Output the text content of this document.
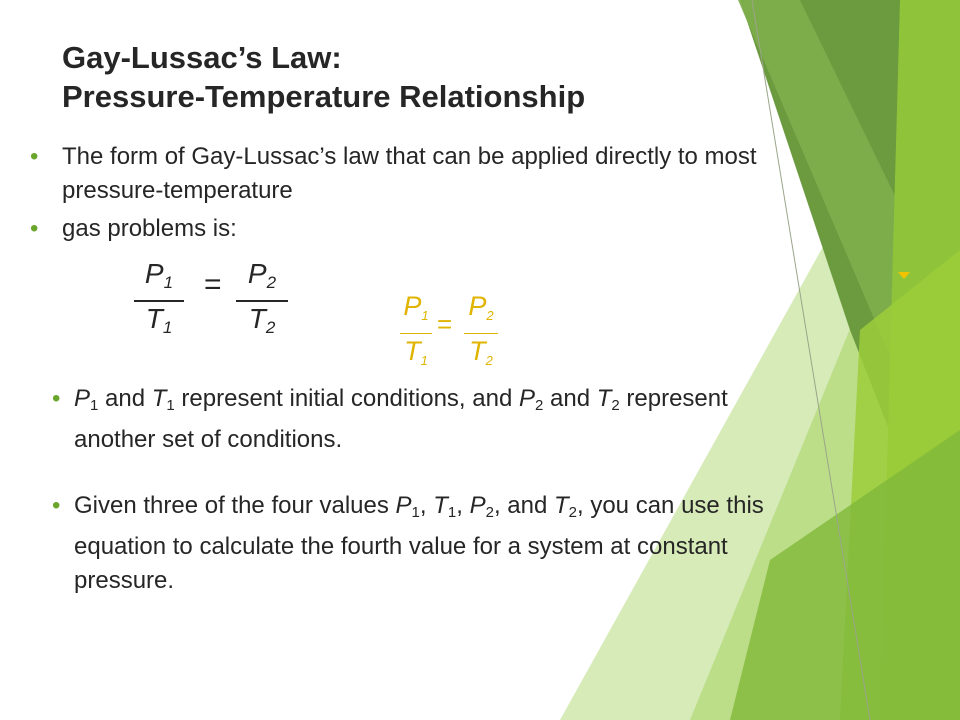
Gay-Lussac’s Law:
Pressure-Temperature Relationship
• The form of Gay-Lussac’s law that can be applied directly to most pressure-temperature
• gas problems is:
$P_1$
$T_1$
= $P_2$
$T_2$
$P_1$
$T_1$
=
$P_2$
$T_2$
• $P_1$ and $T_1$ represent initial conditions, and $P_2$ and $T_2$ represent another set of conditions.
• Given three of the four values $P_1$, $T_1$, $P_2$, and $T_2$, you can use this equation to calculate the fourth value for a system at constant pressure.
